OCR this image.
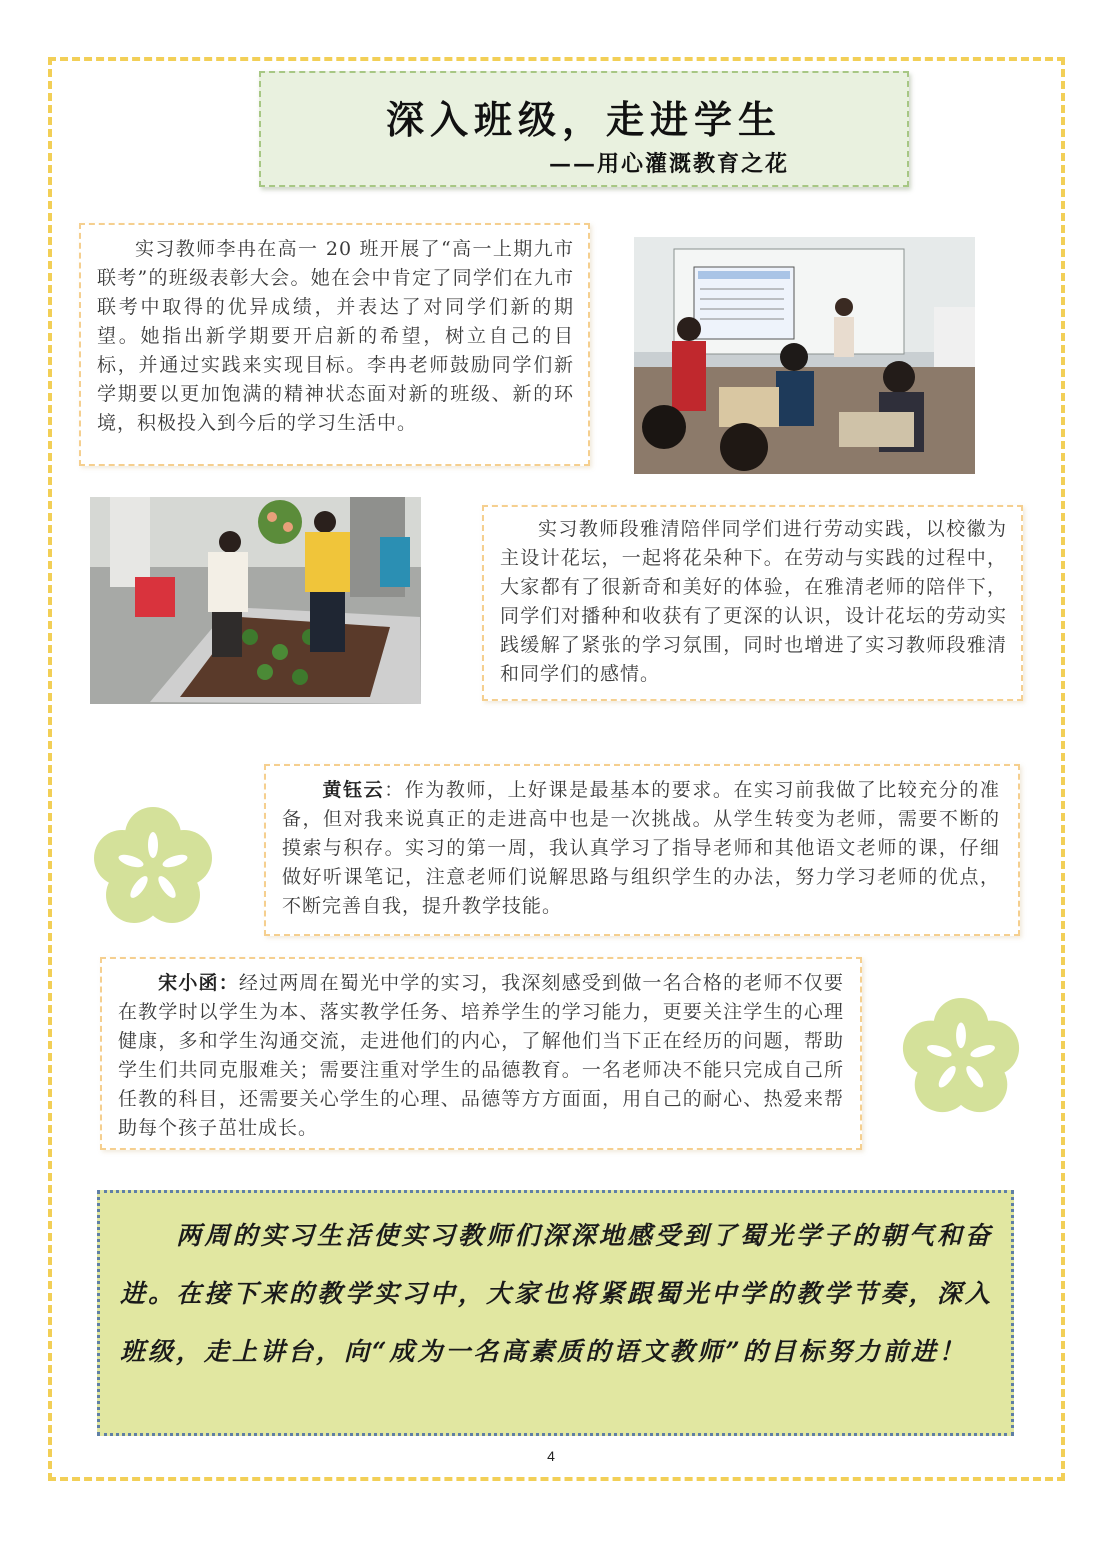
深入班级，走进学生
——用心灌溉教育之花
实习教师李冉在高一 20 班开展了“高一上期九市联考”的班级表彰大会。她在会中肯定了同学们在九市联考中取得的优异成绩，并表达了对同学们新的期望。她指出新学期要开启新的希望，树立自己的目标，并通过实践来实现目标。李冉老师鼓励同学们新学期要以更加饱满的精神状态面对新的班级、新的环境，积极投入到今后的学习生活中。
实习教师段雅清陪伴同学们进行劳动实践，以校徽为主设计花坛，一起将花朵种下。在劳动与实践的过程中，大家都有了很新奇和美好的体验，在雅清老师的陪伴下，同学们对播种和收获有了更深的认识，设计花坛的劳动实践缓解了紧张的学习氛围，同时也增进了实习教师段雅清和同学们的感情。
  黄钰云：作为教师，上好课是最基本的要求。在实习前我做了比较充分的准备，但对我来说真正的走进高中也是一次挑战。从学生转变为老师，需要不断的摸索与积存。实习的第一周，我认真学习了指导老师和其他语文老师的课，仔细做好听课笔记，注意老师们说解思路与组织学生的办法，努力学习老师的优点，不断完善自我，提升教学技能。
  宋小函：经过两周在蜀光中学的实习，我深刻感受到做一名合格的老师不仅要在教学时以学生为本、落实教学任务、培养学生的学习能力，更要关注学生的心理健康，多和学生沟通交流，走进他们的内心，了解他们当下正在经历的问题，帮助学生们共同克服难关；需要注重对学生的品德教育。一名老师决不能只完成自己所任教的科目，还需要关心学生的心理、品德等方方面面，用自己的耐心、热爱来帮助每个孩子茁壮成长。
  两周的实习生活使实习教师们深深地感受到了蜀光学子的朝气和奋进。在接下来的教学实习中，大家也将紧跟蜀光中学的教学节奏，深入班级，走上讲台，向“成为一名高素质的语文教师”的目标努力前进！
4
